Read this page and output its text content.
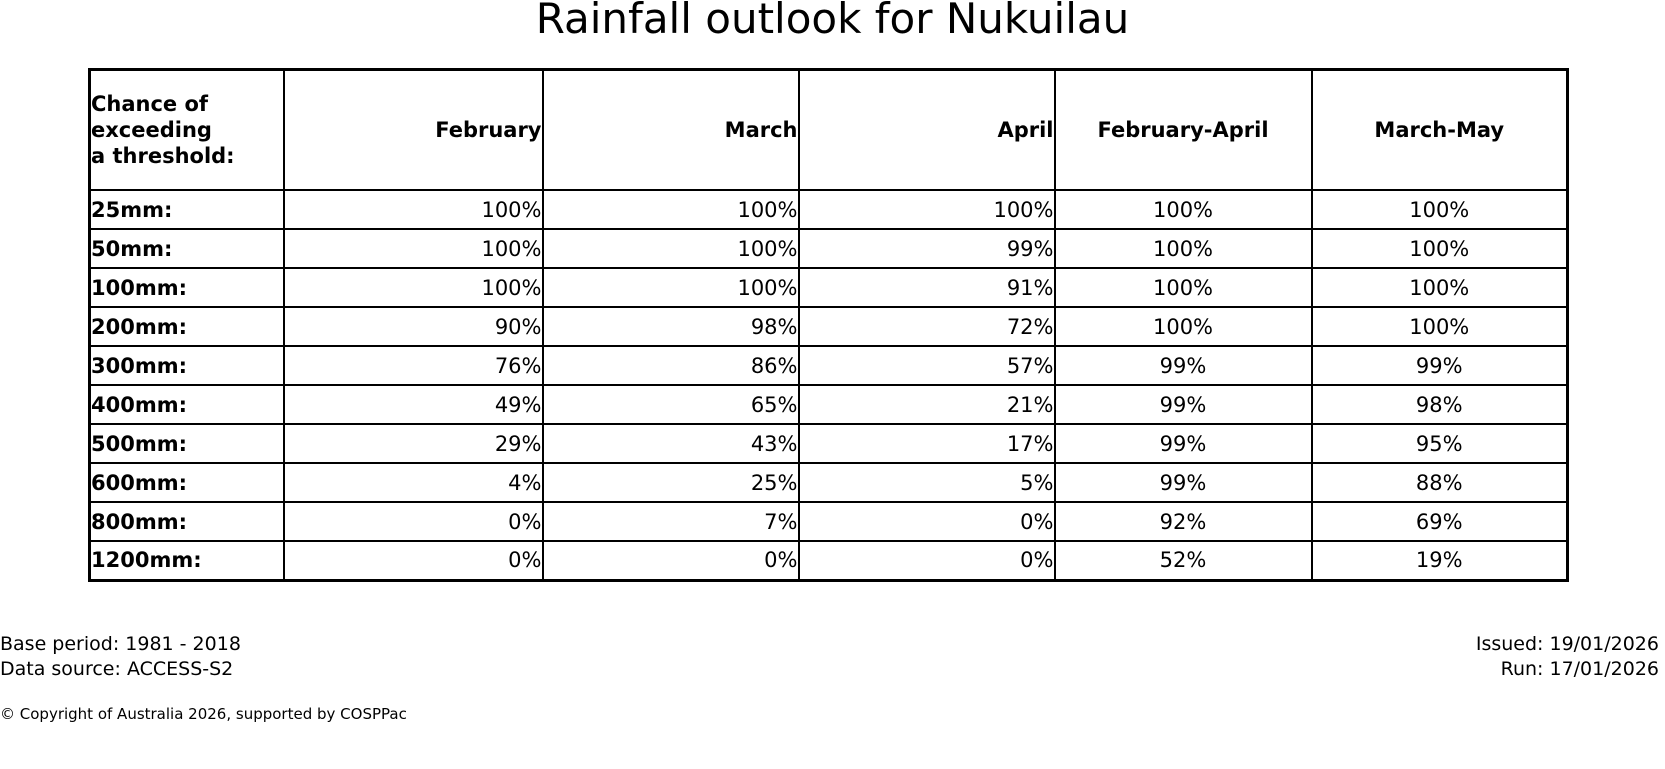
Rainfall outlook for Nukuilau
Chance of
exceeding
a threshold:	February	March	April	February-April	March-May
25mm:	100%	100%	100%	100%	100%
50mm:	100%	100%	99%	100%	100%
100mm:	100%	100%	91%	100%	100%
200mm:	90%	98%	72%	100%	100%
300mm:	76%	86%	57%	99%	99%
400mm:	49%	65%	21%	99%	98%
500mm:	29%	43%	17%	99%	95%
600mm:	4%	25%	5%	99%	88%
800mm:	0%	7%	0%	92%	69%
1200mm:	0%	0%	0%	52%	19%
Base period: 1981 - 2018
Data source: ACCESS-S2
Issued: 19/01/2026
Run: 17/01/2026
© Copyright of Australia 2026, supported by COSPPac
